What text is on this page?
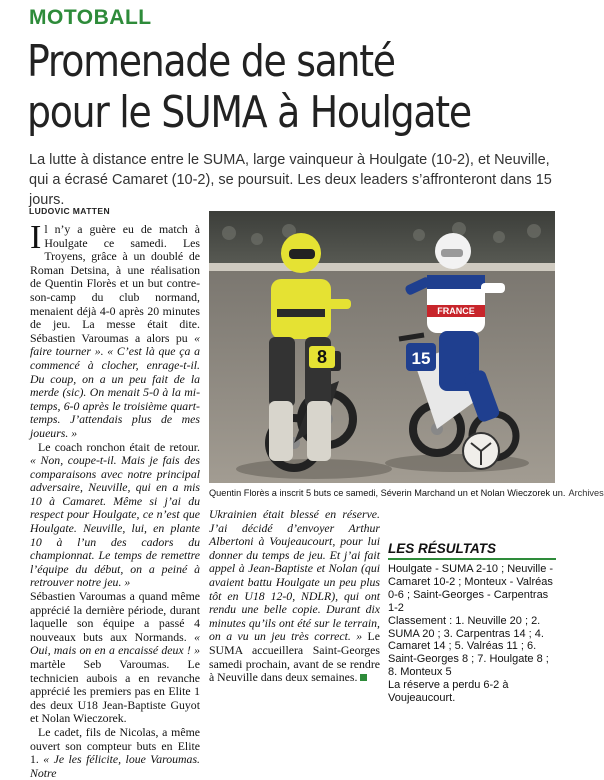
MOTOBALL
Promenade de santé
pour le SUMA à Houlgate

La lutte à distance entre le SUMA, large vainqueur à Houlgate (10-2), et Neuville, qui a écrasé Camaret (10-2), se poursuit. Les deux leaders s’affronteront dans 15 jours.

LUDOVIC MATTEN

Il n’y a guère eu de match à Houlgate ce samedi. Les Troyens, grâce à un doublé de Roman Detsina, à une réalisation de Quentin Florès et un but contre-son-camp du club normand, menaient déjà 4-0 après 20 minutes de jeu. La messe était dite. Sébastien Varoumas a alors pu « faire tourner ». « C’est là que ça a commencé à clocher, enrage-t-il. Du coup, on a un peu fait de la merde (sic). On menait 5-0 à la mi-temps, 6-0 après le troisième quart-temps. J’attendais plus de mes joueurs. »

Le coach ronchon était de retour. « Non, coupe-t-il. Mais je fais des comparaisons avec notre principal adversaire, Neuville, qui en a mis 10 à Camaret. Même si j’ai du respect pour Houlgate, ce n’est que Houlgate. Neuville, lui, en plante 10 à l’un des cadors du championnat. Le temps de remettre l’équipe du début, on a peiné à retrouver notre jeu. »

Sébastien Varoumas a quand même apprécié la dernière période, durant laquelle son équipe a passé 4 nouveaux buts aux Normands. « Oui, mais on en a encaissé deux ! » martèle Seb Varoumas. Le technicien aubois a en revanche apprécié les premiers pas en Elite 1 des deux U18 Jean-Baptiste Guyot et Nolan Wieczorek.

Le cadet, fils de Nicolas, a même ouvert son compteur buts en Elite 1. « Je les félicite, loue Varoumas. Notre

8	15
FRANCE
Quentin Florès a inscrit 5 buts ce samedi, Séverin Marchand un et Nolan Wieczorek un. Archives

Ukrainien était blessé en réserve. J’ai décidé d’envoyer Arthur Albertoni à Voujeaucourt, pour lui donner du temps de jeu. Et j’ai fait appel à Jean-Baptiste et Nolan (qui avaient battu Houlgate un peu plus tôt en U18 12-0, NDLR), qui ont rendu une belle copie. Durant dix minutes qu’ils ont été sur le terrain, on a vu un jeu très correct. » Le SUMA accueillera Saint-Georges samedi prochain, avant de se rendre à Neuville dans deux semaines.

LES RÉSULTATS
Houlgate - SUMA 2-10 ; Neuville - Camaret 10-2 ; Monteux - Valréas 0-6 ; Saint-Georges - Carpentras 1-2
Classement : 1. Neuville 20 ; 2. SUMA 20 ; 3. Carpentras 14 ; 4. Camaret 14 ; 5. Valréas 11 ; 6. Saint-Georges 8 ; 7. Houlgate 8 ; 8. Monteux 5
La réserve a perdu 6-2 à Voujeaucourt.
